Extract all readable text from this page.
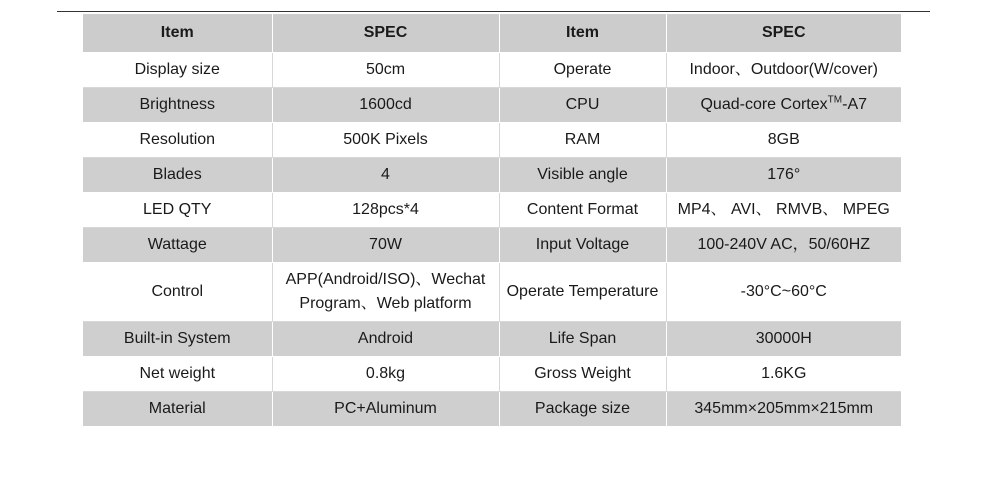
Item	SPEC	Item	SPEC
Display size	50cm	Operate	Indoor、Outdoor(W/cover)
Brightness	1600cd	CPU	Quad-core Cortex™-A7
Resolution	500K Pixels	RAM	8GB
Blades	4	Visible angle	176°
LED QTY	128pcs*4	Content Format	MP4、 AVI、 RMVB、 MPEG
Wattage	70W	Input Voltage	100-240V AC，50/60HZ
Control	APP(Android/ISO)、Wechat Program、Web platform	Operate Temperature	-30°C~60°C
Built-in System	Android	Life Span	30000H
Net weight	0.8kg	Gross Weight	1.6KG
Material	PC+Aluminum	Package size	345mm×205mm×215mm
